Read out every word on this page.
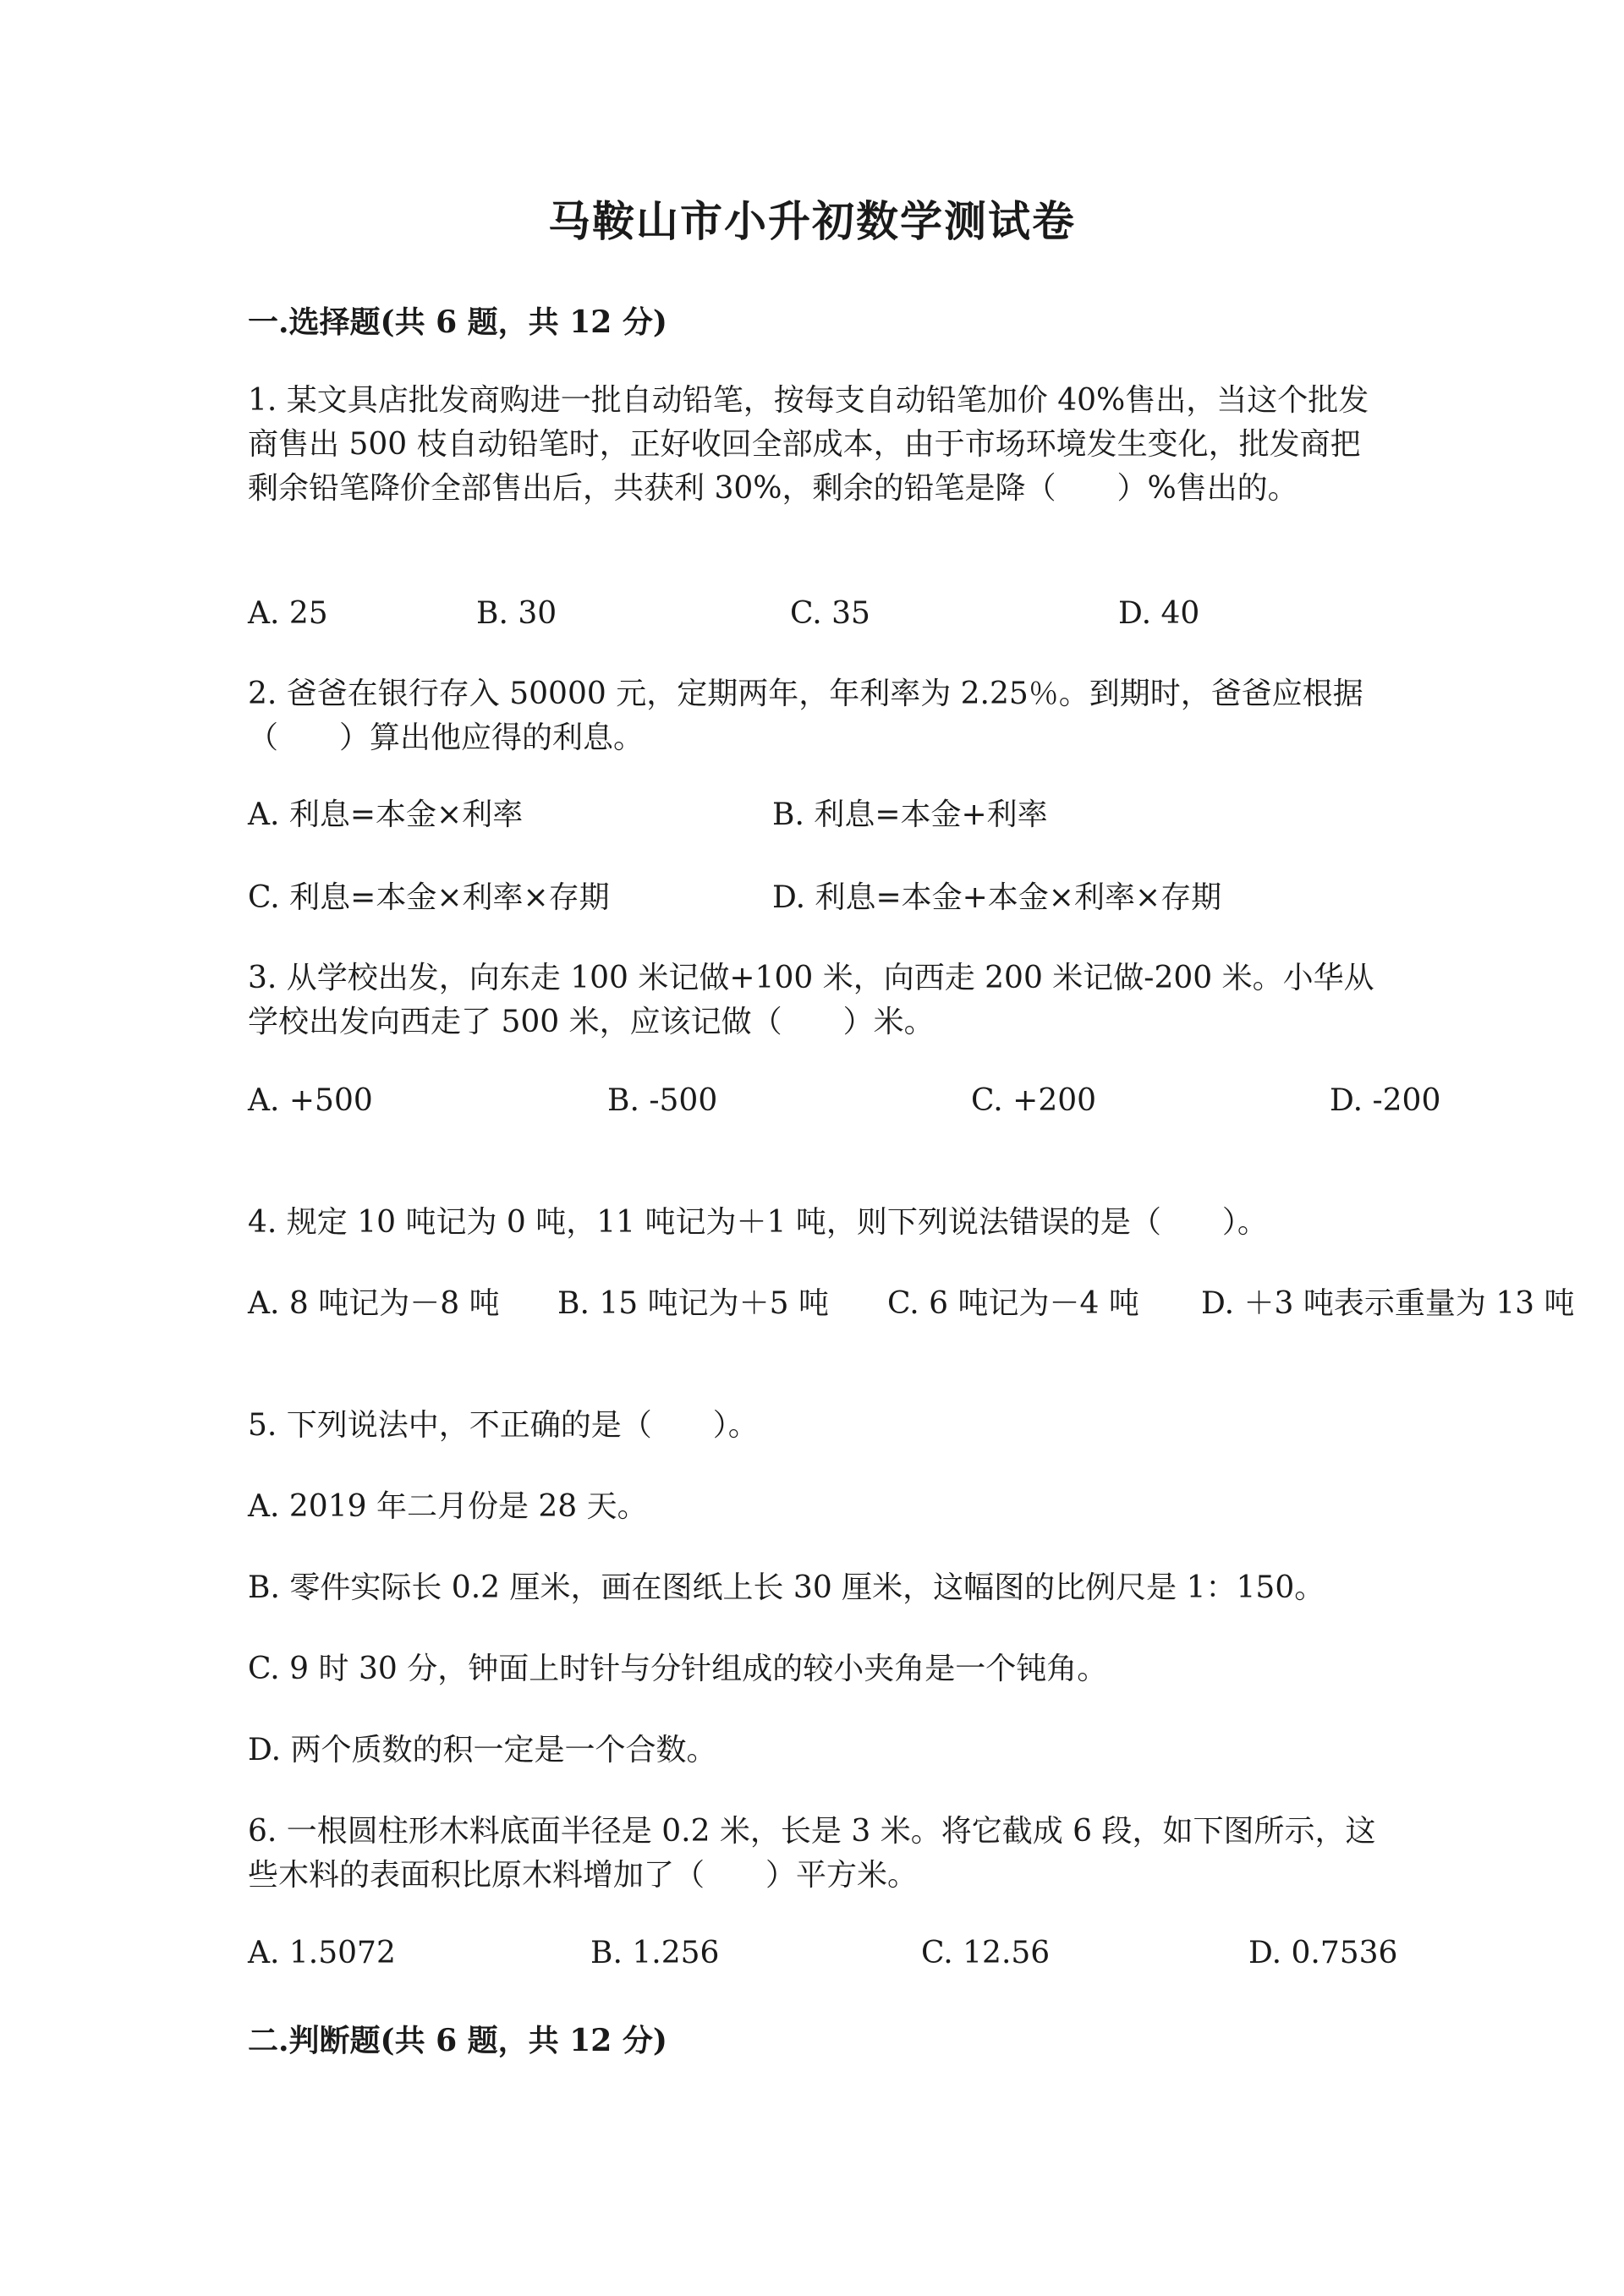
马鞍山市小升初数学测试卷
一.选择题(共 6 题，共 12 分)
1. 某文具店批发商购进一批自动铅笔，按每支自动铅笔加价 40%售出，当这个批发商售出 500 枝自动铅笔时，正好收回全部成本，由于市场环境发生变化，批发商把剩余铅笔降价全部售出后，共获利 30%，剩余的铅笔是降（　　）%售出的。
A. 25	B. 30	C. 35	D. 40
2. 爸爸在银行存入 50000 元，定期两年，年利率为 2.25％。到期时，爸爸应根据（　　）算出他应得的利息。
A. 利息=本金×利率	B. 利息=本金+利率
C. 利息=本金×利率×存期	D. 利息=本金+本金×利率×存期
3. 从学校出发，向东走 100 米记做+100 米，向西走 200 米记做-200 米。小华从学校出发向西走了 500 米，应该记做（　　）米。
A. +500	B. -500	C. +200	D. -200
4. 规定 10 吨记为 0 吨，11 吨记为＋1 吨，则下列说法错误的是（　　）。
A. 8 吨记为－8 吨 B. 15 吨记为＋5 吨 C. 6 吨记为－4 吨 D. ＋3 吨表示重量为 13 吨
5. 下列说法中，不正确的是（　　）。
A. 2019 年二月份是 28 天。
B. 零件实际长 0.2 厘米，画在图纸上长 30 厘米，这幅图的比例尺是 1：150。
C. 9 时 30 分，钟面上时针与分针组成的较小夹角是一个钝角。
D. 两个质数的积一定是一个合数。
6. 一根圆柱形木料底面半径是 0.2 米，长是 3 米。将它截成 6 段，如下图所示，这些木料的表面积比原木料增加了（　　）平方米。
A. 1.5072	B. 1.256	C. 12.56	D. 0.7536
二.判断题(共 6 题，共 12 分)
